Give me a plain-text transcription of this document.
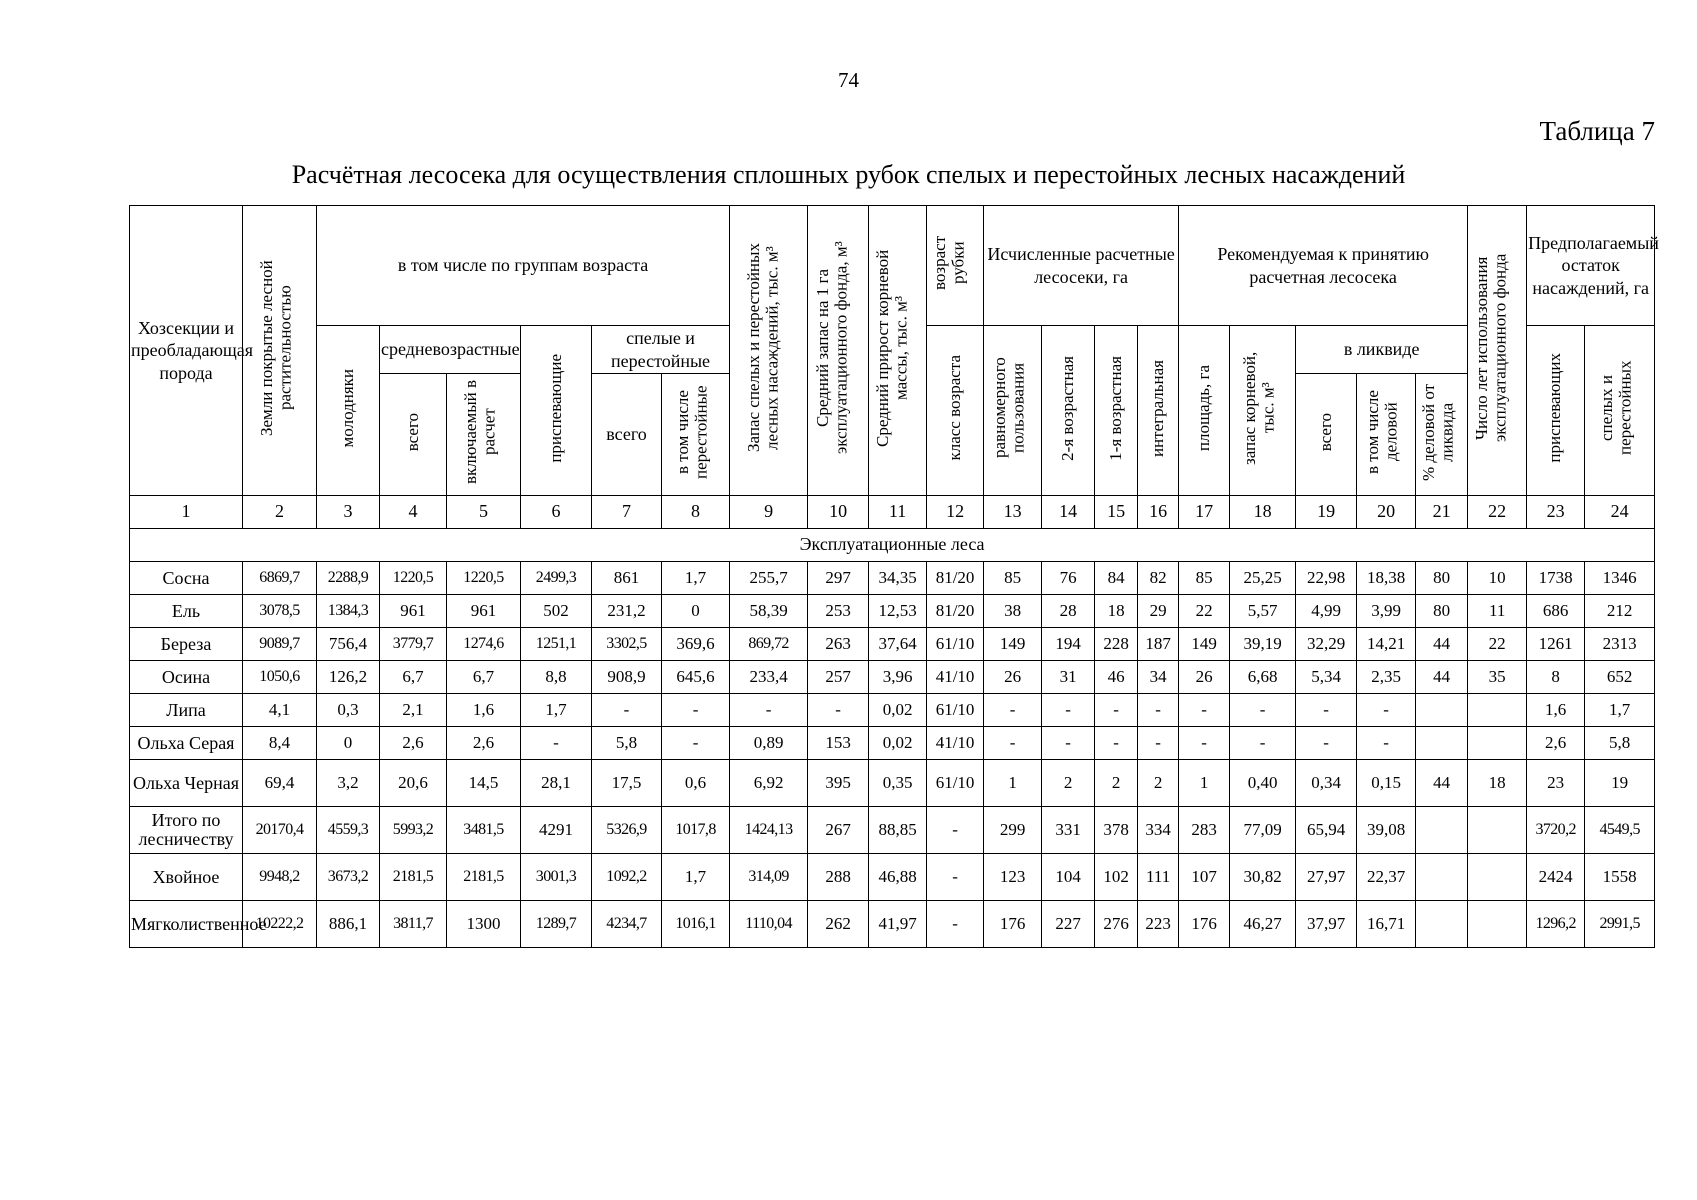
74
Таблица 7
Расчётная лесосека для осуществления сплошных рубок спелых и перестойных лесных насаждений
Хозсекции и преобладающая порода	Земли покрытые лесной растительностью	в том числе по группам возраста						Запас спелых и перестойных лесных насаждений, тыс. м³	Средний запас на 1 га эксплуатационного фонда, м³	Средний прирост корневой массы, тыс. м³	возраст рубки	Исчисленные расчетные лесосеки, га				Рекомендуемая к принятию расчетная лесосека					Число лет использования эксплуатационного фонда	Предполагаемый остаток насаждений, га	
		молодняки	средневозрастные		приспевающие	спелые и перестойные					класс возраста	равномерного пользования	2-я возрастная	1-я возрастная	интегральная	площадь, га	запас корневой, тыс. м³	в ликвиде				приспевающих	спелых и перестойных
			всего	включаемый в расчет		всего	в том числе перестойные											всего	в том числе деловой	% деловой от ликвида			
1	2	3	4	5	6	7	8	9	10	11	12	13	14	15	16	17	18	19	20	21	22	23	24
Эксплуатационные леса																							
Сосна	6869,7	2288,9	1220,5	1220,5	2499,3	861	1,7	255,7	297	34,35	81/20	85	76	84	82	85	25,25	22,98	18,38	80	10	1738	1346
Ель	3078,5	1384,3	961	961	502	231,2	0	58,39	253	12,53	81/20	38	28	18	29	22	5,57	4,99	3,99	80	11	686	212
Береза	9089,7	756,4	3779,7	1274,6	1251,1	3302,5	369,6	869,72	263	37,64	61/10	149	194	228	187	149	39,19	32,29	14,21	44	22	1261	2313
Осина	1050,6	126,2	6,7	6,7	8,8	908,9	645,6	233,4	257	3,96	41/10	26	31	46	34	26	6,68	5,34	2,35	44	35	8	652
Липа	4,1	0,3	2,1	1,6	1,7	-	-	-	-	0,02	61/10	-	-	-	-	-	-	-	-			1,6	1,7
Ольха Серая	8,4	0	2,6	2,6	-	5,8	-	0,89	153	0,02	41/10	-	-	-	-	-	-	-	-			2,6	5,8
Ольха Черная	69,4	3,2	20,6	14,5	28,1	17,5	0,6	6,92	395	0,35	61/10	1	2	2	2	1	0,40	0,34	0,15	44	18	23	19
Итого по лесничеству	20170,4	4559,3	5993,2	3481,5	4291	5326,9	1017,8	1424,13	267	88,85	-	299	331	378	334	283	77,09	65,94	39,08			3720,2	4549,5
Хвойное	9948,2	3673,2	2181,5	2181,5	3001,3	1092,2	1,7	314,09	288	46,88	-	123	104	102	111	107	30,82	27,97	22,37			2424	1558
Мягколиственное	10222,2	886,1	3811,7	1300	1289,7	4234,7	1016,1	1110,04	262	41,97	-	176	227	276	223	176	46,27	37,97	16,71			1296,2	2991,5
